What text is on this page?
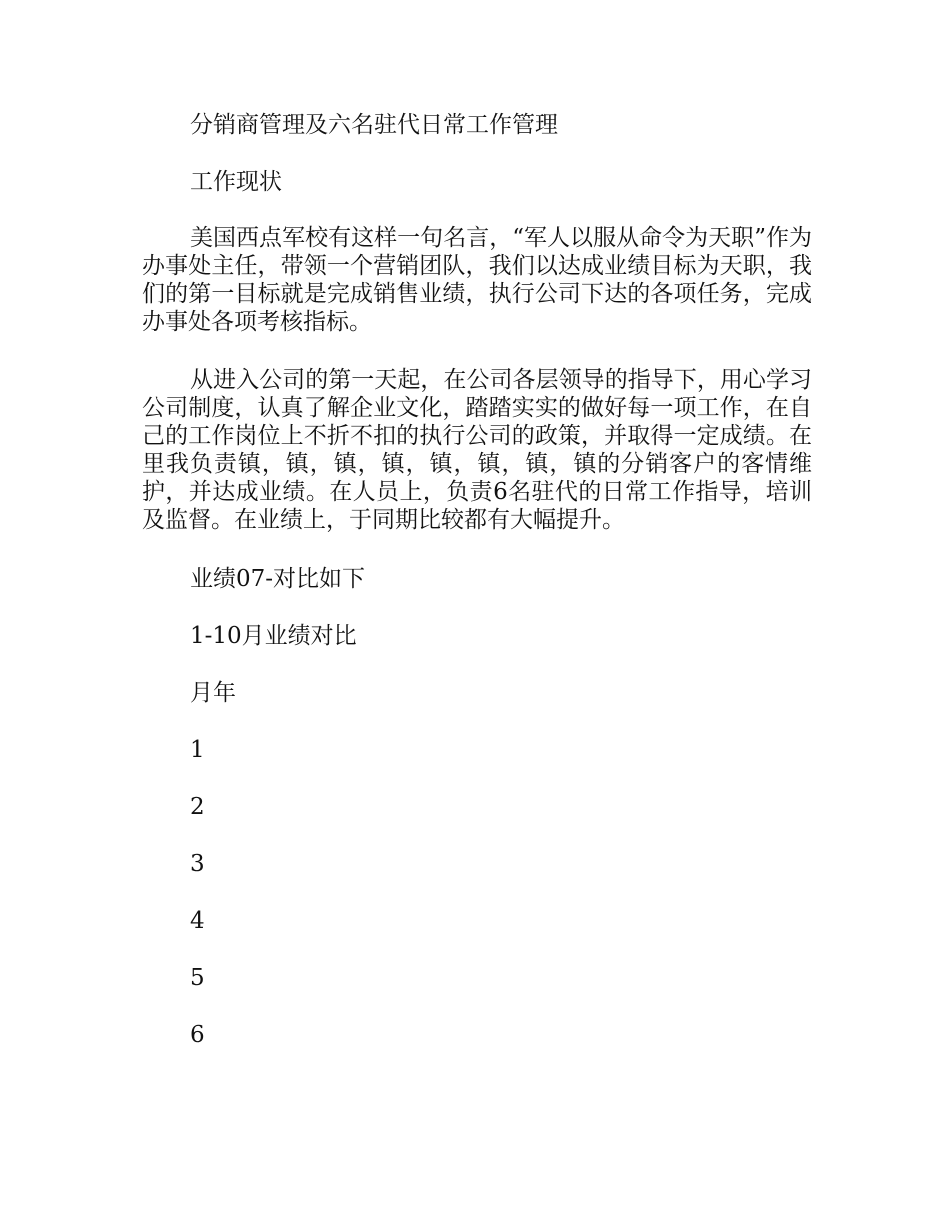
分销商管理及六名驻代日常工作管理

工作现状

美国西点军校有这样一句名言，“军人以服从命令为天职”作为办事处主任，带领一个营销团队，我们以达成业绩目标为天职，我们的第一目标就是完成销售业绩，执行公司下达的各项任务，完成办事处各项考核指标。

从进入公司的第一天起，在公司各层领导的指导下，用心学习公司制度，认真了解企业文化，踏踏实实的做好每一项工作，在自己的工作岗位上不折不扣的执行公司的政策，并取得一定成绩。在里我负责镇，镇，镇，镇，镇，镇，镇，镇的分销客户的客情维护，并达成业绩。在人员上，负责6名驻代的日常工作指导，培训及监督。在业绩上，于同期比较都有大幅提升。

业绩07-对比如下

1-10月业绩对比

月年

1

2

3

4

5

6
